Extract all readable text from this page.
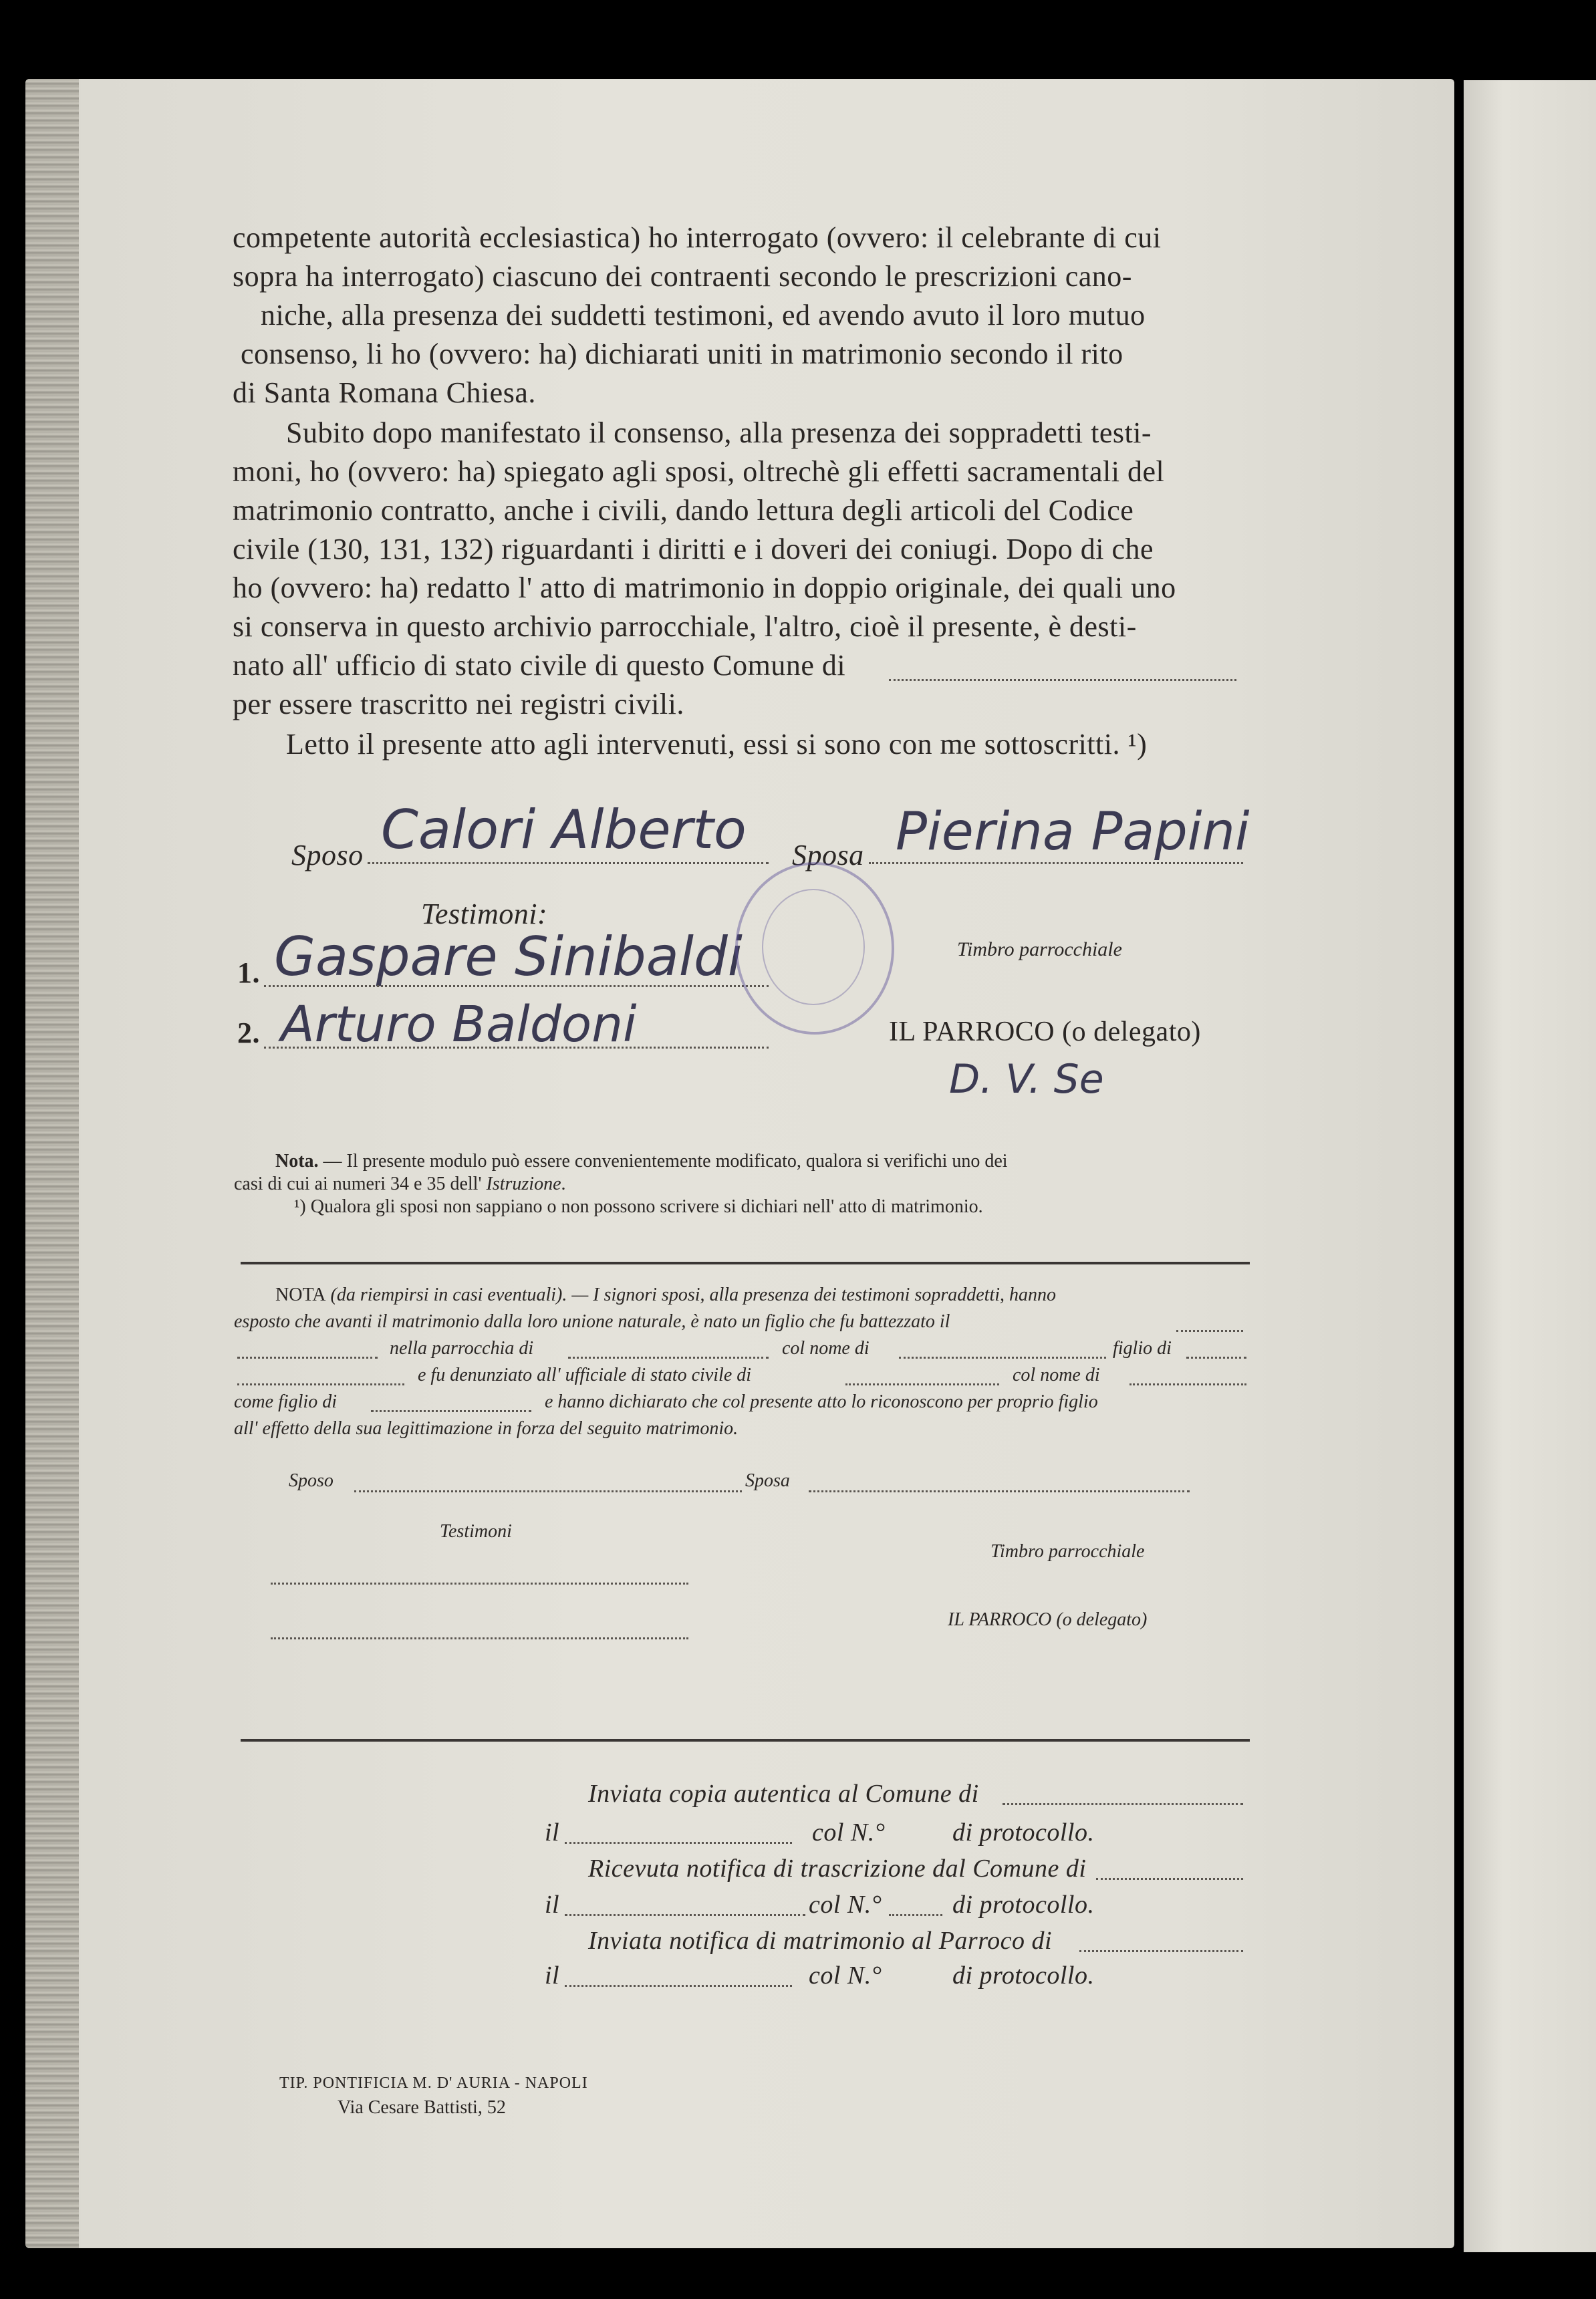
competente autorità ecclesiastica) ho interrogato (ovvero: il celebrante di cui
sopra ha interrogato) ciascuno dei contraenti secondo le prescrizioni cano-
niche, alla presenza dei suddetti testimoni, ed avendo avuto il loro mutuo
consenso, li ho (ovvero: ha) dichiarati uniti in matrimonio secondo il rito
di Santa Romana Chiesa.
Subito dopo manifestato il consenso, alla presenza dei soppradetti testi-
moni, ho (ovvero: ha) spiegato agli sposi, oltrechè gli effetti sacramentali del
matrimonio contratto, anche i civili, dando lettura degli articoli del Codice
civile (130, 131, 132) riguardanti i diritti e i doveri dei coniugi. Dopo di che
ho (ovvero: ha) redatto l' atto di matrimonio in doppio originale, dei quali uno
si conserva in questo archivio parrocchiale, l'altro, cioè il presente, è desti-
nato all' ufficio di stato civile di questo Comune di
per essere trascritto nei registri civili.
Letto il presente atto agli intervenuti, essi si sono con me sottoscritti. ¹)
Sposo Calori Alberto Sposa Pierina Papini
Testimoni:
1. Gaspare Sinibaldi
2. Arturo Baldoni
Timbro parrocchiale
IL PARROCO (o delegato)
D. V. Se
Nota. — Il presente modulo può essere convenientemente modificato, qualora si verifichi uno dei
casi di cui ai numeri 34 e 35 dell' Istruzione.
¹) Qualora gli sposi non sappiano o non possono scrivere si dichiari nell' atto di matrimonio.
NOTA (da riempirsi in casi eventuali). — I signori sposi, alla presenza dei testimoni sopraddetti, hanno
esposto che avanti il matrimonio dalla loro unione naturale, è nato un figlio che fu battezzato il
nella parrocchia di	col nome di	figlio di
e fu denunziato all' ufficiale di stato civile di	col nome di
come figlio di	e hanno dichiarato che col presente atto lo riconoscono per proprio figlio
all' effetto della sua legittimazione in forza del seguito matrimonio.
Sposo	Sposa
Testimoni
Timbro parrocchiale
IL PARROCO (o delegato)
Inviata copia autentica al Comune di
il	col N.°	di protocollo.
Ricevuta notifica di trascrizione dal Comune di
il	col N.°	di protocollo.
Inviata notifica di matrimonio al Parroco di
il	col N.°	di protocollo.
TIP. PONTIFICIA M. D' AURIA - NAPOLI
Via Cesare Battisti, 52
